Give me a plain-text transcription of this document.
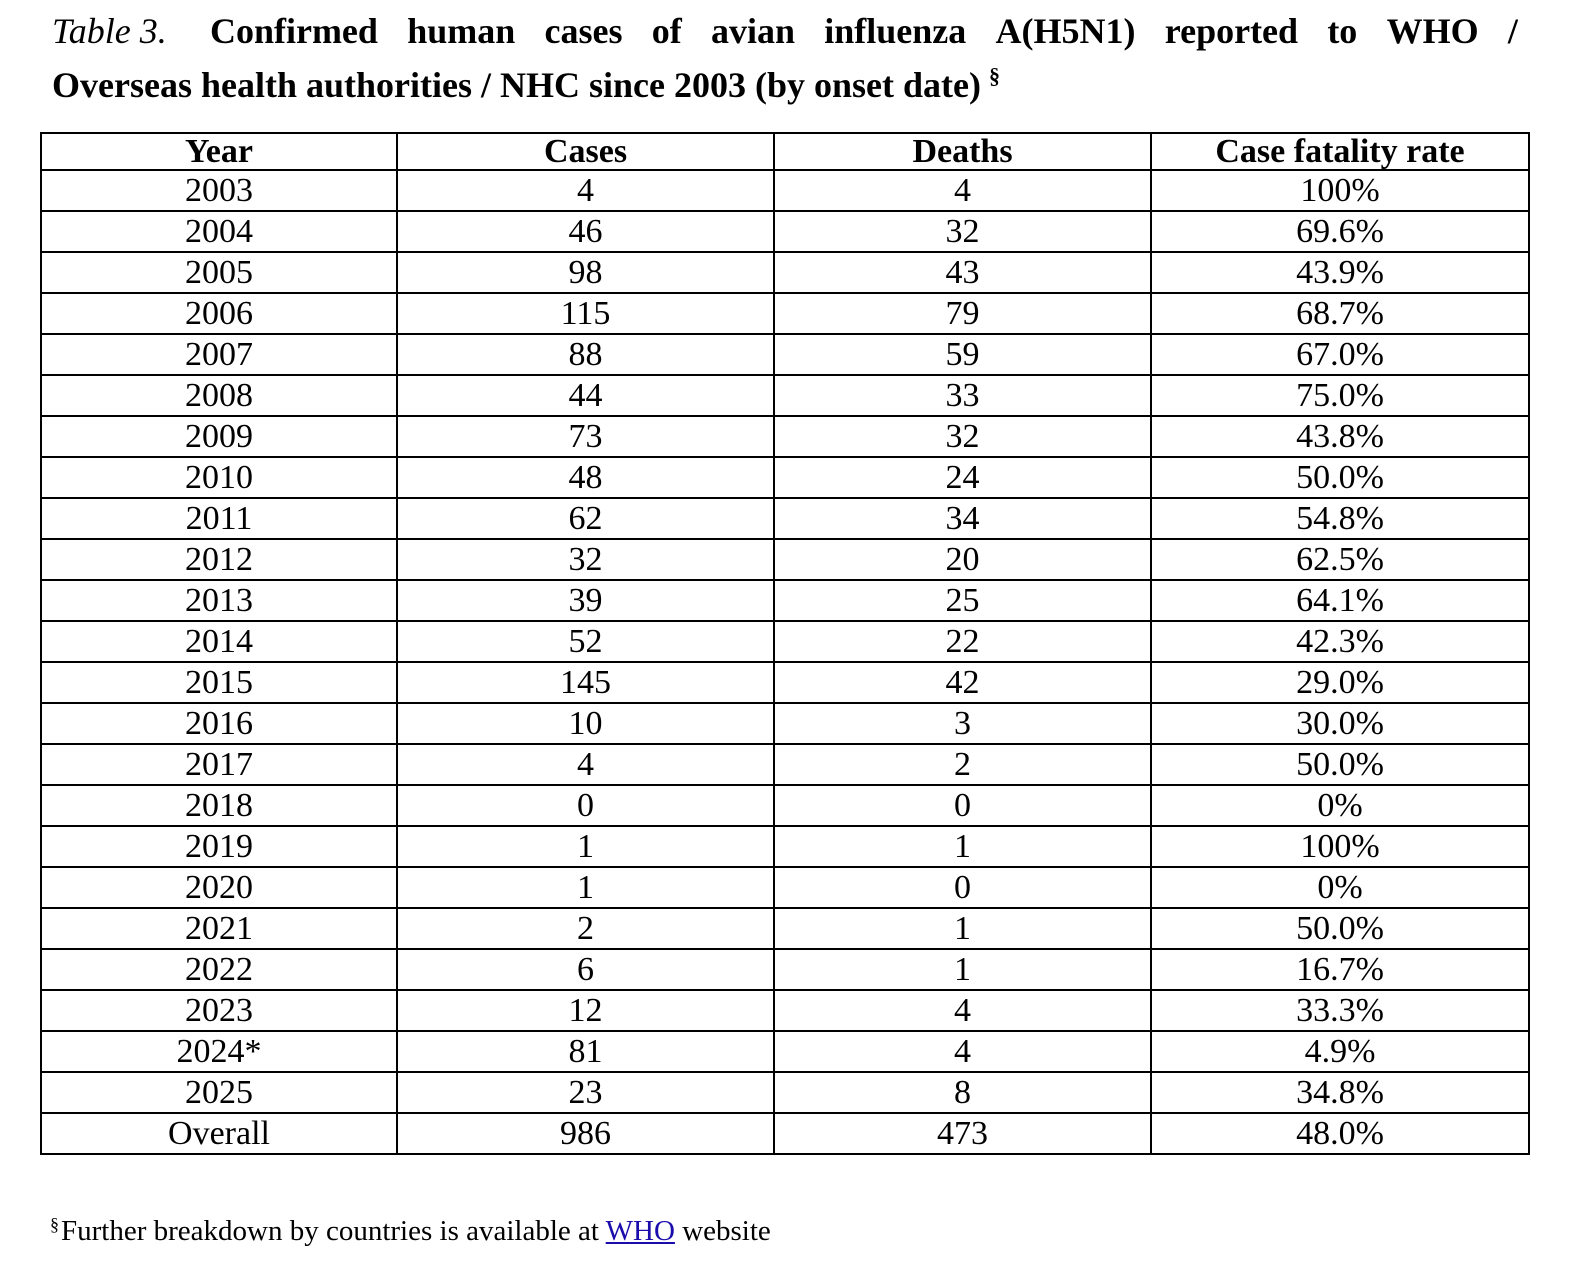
Table 3. Confirmed human cases of avian influenza A(H5N1) reported to WHO /
Overseas health authorities / NHC since 2003 (by onset date) §
Year	Cases	Deaths	Case fatality rate
2003	4	4	100%
2004	46	32	69.6%
2005	98	43	43.9%
2006	115	79	68.7%
2007	88	59	67.0%
2008	44	33	75.0%
2009	73	32	43.8%
2010	48	24	50.0%
2011	62	34	54.8%
2012	32	20	62.5%
2013	39	25	64.1%
2014	52	22	42.3%
2015	145	42	29.0%
2016	10	3	30.0%
2017	4	2	50.0%
2018	0	0	0%
2019	1	1	100%
2020	1	0	0%
2021	2	1	50.0%
2022	6	1	16.7%
2023	12	4	33.3%
2024*	81	4	4.9%
2025	23	8	34.8%
Overall	986	473	48.0%
§Further breakdown by countries is available at WHO website
